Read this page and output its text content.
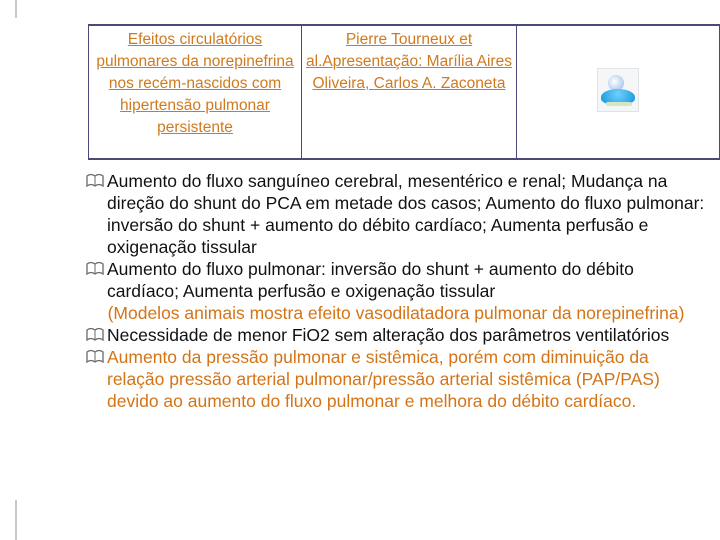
Efeitos circulatórios pulmonares da norepinefrina nos recém-nascidos com hipertensão pulmonar persistente	Pierre Tourneux et al.Apresentação: Marília Aires Oliveira, Carlos A. Zaconeta	
Aumento do fluxo sanguíneo cerebral, mesentérico e renal; Mudança na direção do shunt do PCA em metade dos casos; Aumento do fluxo pulmonar: inversão do shunt + aumento do débito cardíaco; Aumenta perfusão e oxigenação tissular
Aumento do fluxo pulmonar: inversão do shunt + aumento do débito cardíaco; Aumenta perfusão e oxigenação tissular
(Modelos animais mostra efeito vasodilatadora pulmonar da norepinefrina)
Necessidade de menor FiO2 sem alteração dos parâmetros ventilatórios
Aumento da pressão pulmonar e sistêmica, porém com diminuição da relação pressão arterial pulmonar/pressão arterial sistêmica (PAP/PAS) devido ao aumento do fluxo pulmonar e melhora do débito cardíaco.
